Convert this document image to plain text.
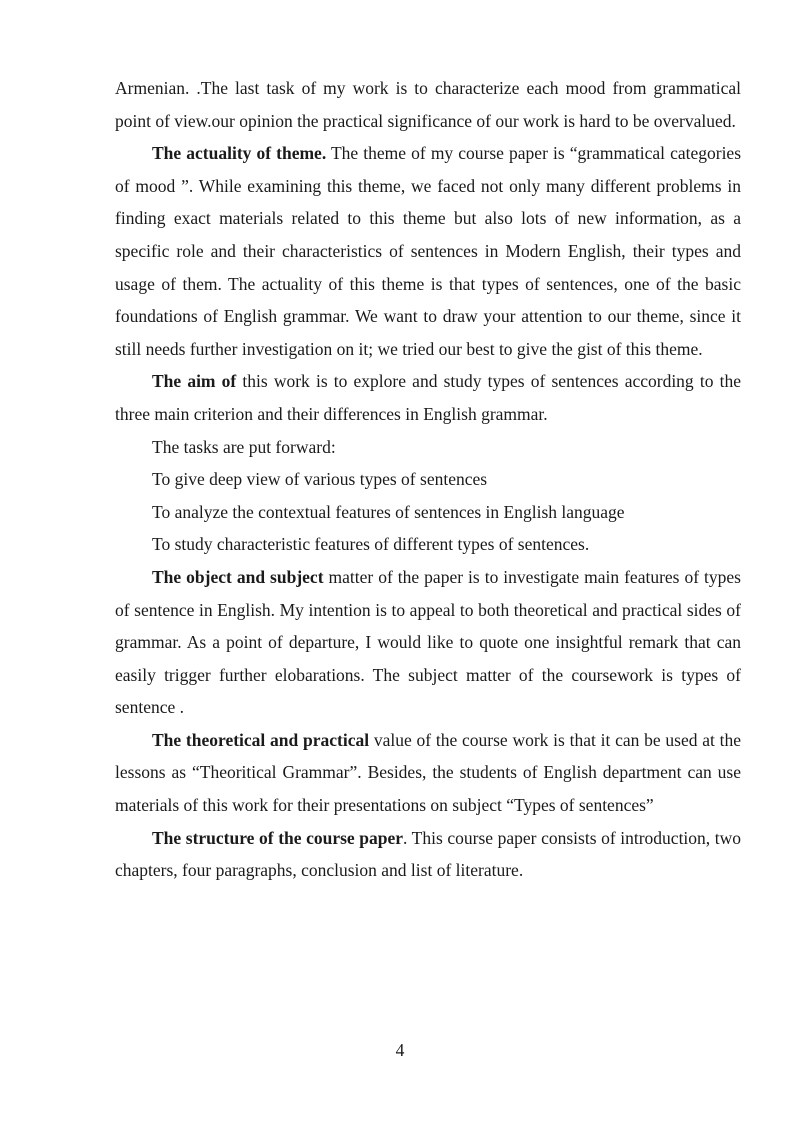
Armenian. .The last task of my work is to characterize each mood from grammatical point of view.our opinion the practical significance of our work is hard to be overvalued.

The actuality of theme. The theme of my course paper is “grammatical categories of mood ”. While examining this theme, we faced not only many different problems in finding exact materials related to this theme but also lots of new information, as a specific role and their characteristics of sentences in Modern English, their types and usage of them. The actuality of this theme is that types of sentences, one of the basic foundations of English grammar. We want to draw your attention to our theme, since it still needs further investigation on it; we tried our best to give the gist of this theme.

The aim of this work is to explore and study types of sentences according to the three main criterion and their differences in English grammar.

The tasks are put forward:

To give deep view of various types of sentences

To analyze the contextual features of sentences in English language

To study characteristic features of different types of sentences.

The object and subject matter of the paper is to investigate main features of types of sentence in English. My intention is to appeal to both theoretical and practical sides of grammar. As a point of departure, I would like to quote one insightful remark that can easily trigger further elobarations. The subject matter of the coursework is types of sentence .

The theoretical and practical value of the course work is that it can be used at the lessons as “Theoritical Grammar”. Besides, the students of English department can use materials of this work for their presentations on subject “Types of sentences”

The structure of the course paper. This course paper consists of introduction, two chapters, four paragraphs, conclusion and list of literature.

4
